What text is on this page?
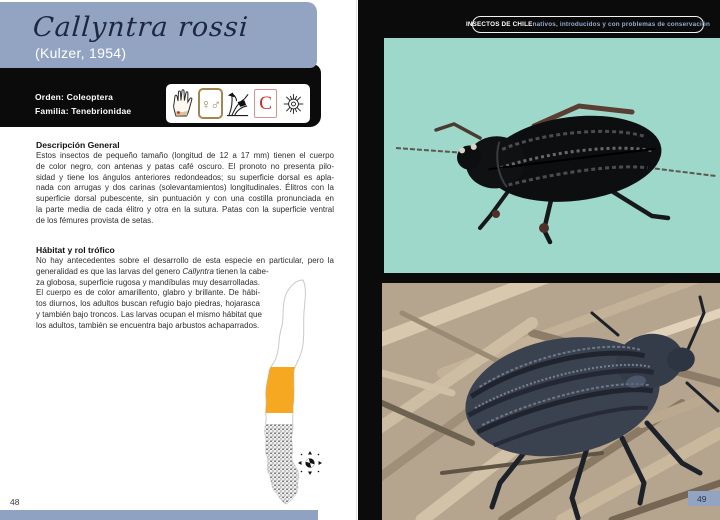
Callyntra rossi
(Kulzer, 1954)
Orden: Coleoptera
Familia: Tenebrionidae	♀♂ C
Descripción General
Estos insectos de pequeño tamaño (longitud de 12 a 17 mm) tienen el cuerpo
de color negro, con antenas y patas café oscuro. El pronoto no presenta pilo-
sidad y tiene los ángulos anteriores redondeados; su superficie dorsal es apla-
nada con arrugas y dos carinas (solevantamientos) longitudinales. Élitros con la
superficie dorsal pubescente, sin puntuación y con una costilla pronunciada en
la parte media de cada élitro y otra en la sutura. Patas con la superficie ventral
de los fémures provista de setas.
Hábitat y rol trófico
No hay antecedentes sobre el desarrollo de esta especie en particular, pero la
generalidad es que las larvas del genero Callyntra tienen la cabe-
za globosa, superficie rugosa y mandíbulas muy desarrolladas.
El cuerpo es de color amarillento, glabro y brillante. De hábi-
tos diurnos, los adultos buscan refugio bajo piedras, hojarasca
y también bajo troncos. Las larvas ocupan el mismo hábitat que
los adultos, también se encuentra bajo arbustos achaparrados.
48
INSECTOS DE CHILE nativos, introducidos y con problemas de conservación
49
